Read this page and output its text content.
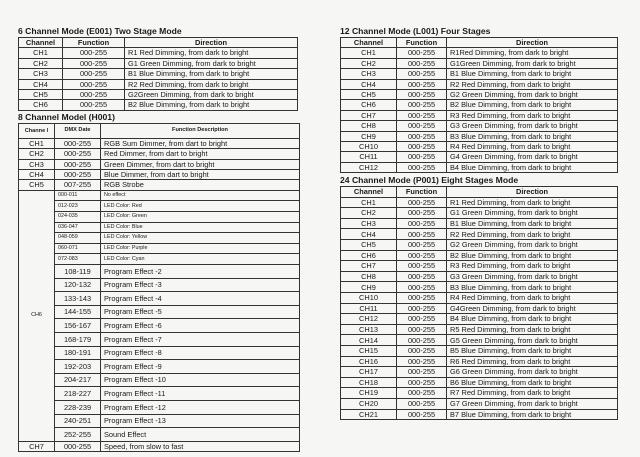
6 Channel Mode (E001) Two Stage Mode
Channel	Function	Direction
CH1	000-255	R1 Red Dimming, from dark to bright
CH2	000-255	G1 Green Dimming, from dark to bright
CH3	000-255	B1 Blue Dimming, from dark to bright
CH4	000-255	R2 Red Dimming, from dark to bright
CH5	000-255	G2Green Dimming, from dark to bright
CH6	000-255	B2 Blue Dimming, from dark to bright
8 Channel Model (H001)
Channe l	DMX Date	Function Description
CH1	000-255	RGB Sum Dimmer, from dart to bright
CH2	000-255	Red Dimmer, from dart to bright
CH3	000-255	Green Dimmer, from dart to bright
CH4	000-255	Blue Dimmer, from dart to bright
CH5	007-255	RGB Strobe
CH6	000-011	No effect
	012-023	LED Color: Red
	024-035	LED Color: Green
	036-047	LED Color: Blue
	048-059	LED Color: Yellow
	060-071	LED Color: Purple
	072-083	LED Color: Cyan
	108-119	Program Effect -2
	120-132	Program Effect -3
	133-143	Program Effect -4
	144-155	Program Effect -5
	156-167	Program Effect -6
	168-179	Program Effect -7
	180-191	Program Effect -8
	192-203	Program Effect -9
	204-217	Program Effect -10
	218-227	Program Effect -11
	228-239	Program Effect -12
	240-251	Program Effect -13
	252-255	Sound Effect
CH7	000-255	Speed, from slow to fast
12 Channel Mode (L001) Four Stages
Channel	Function	Direction
CH1	000-255	R1Red Dimming, from dark to bright
CH2	000-255	G1Green Dimming, from dark to bright
CH3	000-255	B1 Blue Dimming, from dark to bright
CH4	000-255	R2 Red Dimming, from dark to bright
CH5	000-255	G2 Green Dimming, from dark to bright
CH6	000-255	B2 Blue Dimming, from dark to bright
CH7	000-255	R3 Red Dimming, from dark to bright
CH8	000-255	G3 Green Dimming, from dark to bright
CH9	000-255	B3 Blue Dimming, from dark to bright
CH10	000-255	R4 Red Dimming, from dark to bright
CH11	000-255	G4 Green Dimming, from dark to bright
CH12	000-255	B4 Blue Dimming, from dark to bright
24 Channel Mode (P001) Eight Stages Mode
Channel	Function	Direction
CH1	000-255	R1 Red Dimming, from dark to bright
CH2	000-255	G1 Green Dimming, from dark to bright
CH3	000-255	B1 Blue Dimming, from dark to bright
CH4	000-255	R2 Red Dimming, from dark to bright
CH5	000-255	G2 Green Dimming, from dark to bright
CH6	000-255	B2 Blue Dimming, from dark to bright
CH7	000-255	R3 Red Dimming, from dark to bright
CH8	000-255	G3 Green Dimming, from dark to bright
CH9	000-255	B3 Blue Dimming, from dark to bright
CH10	000-255	R4 Red Dimming, from dark to bright
CH11	000-255	G4Green Dimming, from dark to bright
CH12	000-255	B4 Blue Dimming, from dark to bright
CH13	000-255	R5 Red Dimming, from dark to bright
CH14	000-255	G5 Green Dimming, from dark to bright
CH15	000-255	B5 Blue Dimming, from dark to bright
CH16	000-255	R6 Red Dimming, from dark to bright
CH17	000-255	G6 Green Dimming, from dark to bright
CH18	000-255	B6 Blue Dimming, from dark to bright
CH19	000-255	R7 Red Dimming, from dark to bright
CH20	000-255	G7 Green Dimming, from dark to bright
CH21	000-255	B7 Blue Dimming, from dark to bright
